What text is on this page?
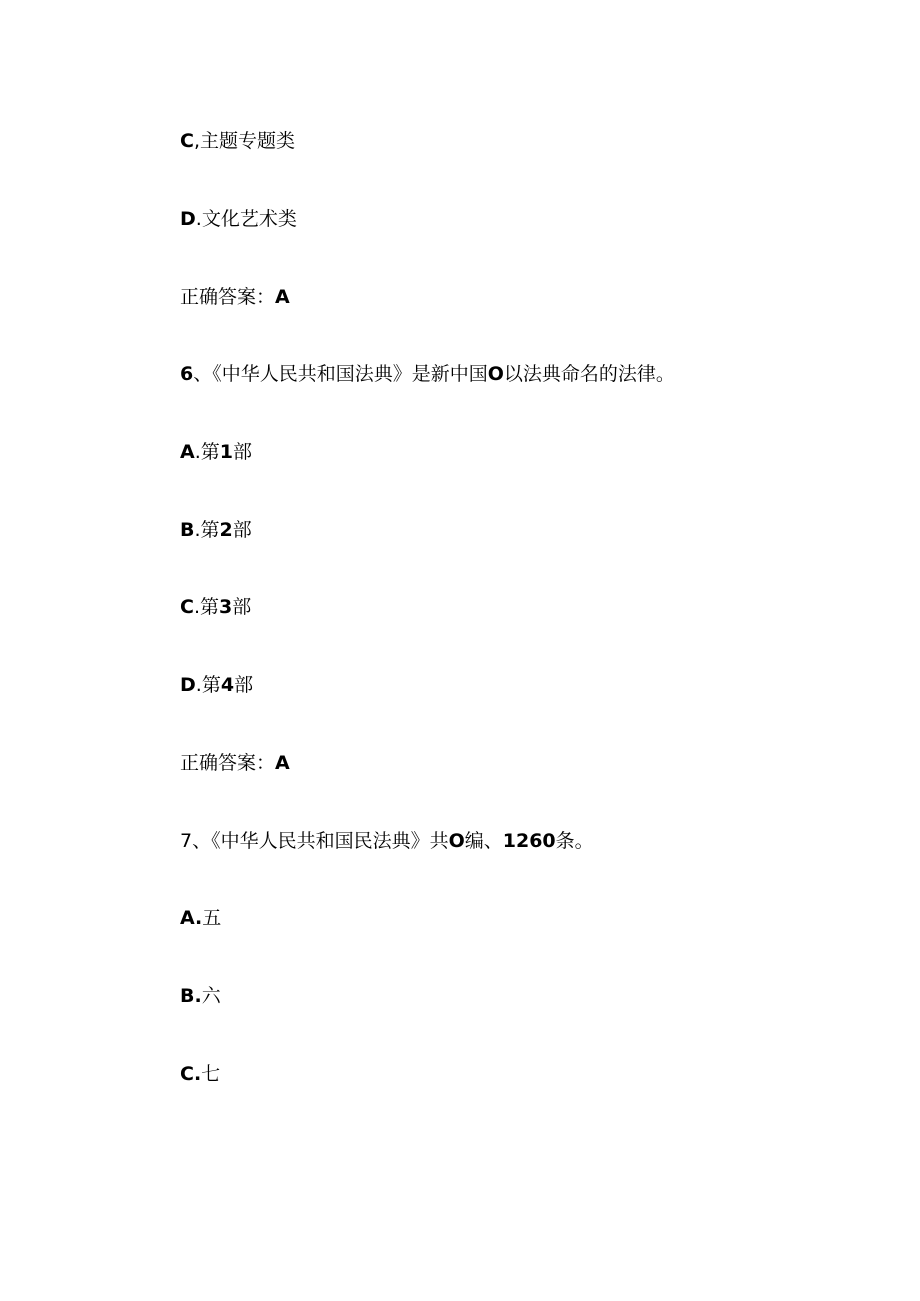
C,主题专题类
D.文化艺术类
正确答案：A
6、《中华人民共和国法典》是新中国O以法典命名的法律。
A.第1部
B.第2部
C.第3部
D.第4部
正确答案：A
7、《中华人民共和国民法典》共O编、1260条。
A.五
B.六
C.七
